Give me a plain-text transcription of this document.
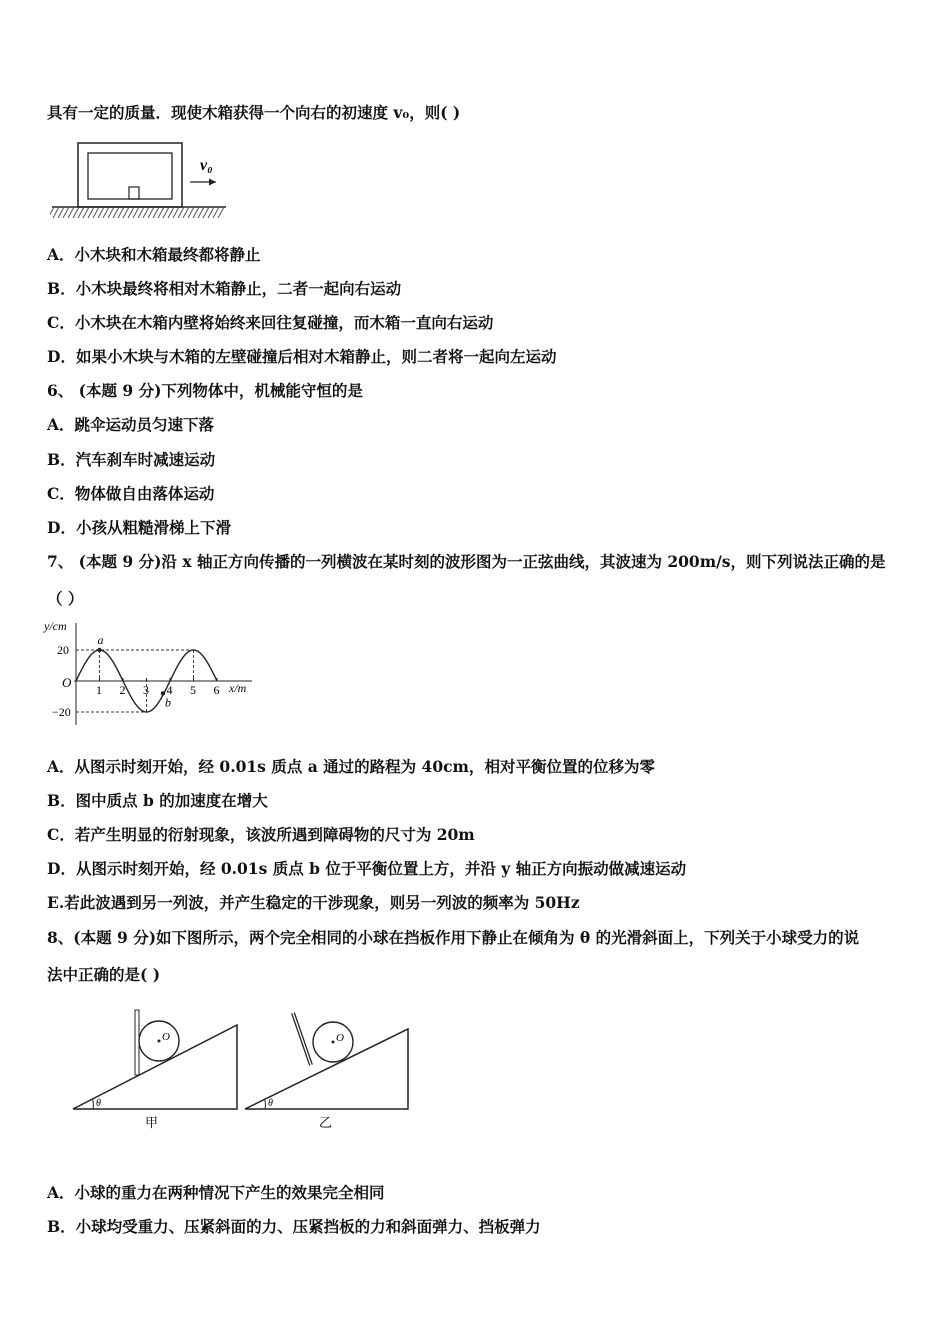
具有一定的质量．现使木箱获得一个向右的初速度 v₀，则( )
v₀
A．小木块和木箱最终都将静止
B．小木块最终将相对木箱静止，二者一起向右运动
C．小木块在木箱内壁将始终来回往复碰撞，而木箱一直向右运动
D．如果小木块与木箱的左壁碰撞后相对木箱静止，则二者将一起向左运动
6、 (本题 9 分)下列物体中，机械能守恒的是
A．跳伞运动员匀速下落
B．汽车刹车时减速运动
C．物体做自由落体运动
D．小孩从粗糙滑梯上下滑
7、 (本题 9 分)沿 x 轴正方向传播的一列横波在某时刻的波形图为一正弦曲线，其波速为 200m/s，则下列说法正确的是
（ ）
y/cm
x/m
O 1 2 3 4 5 6
20
−20
a
b
A．从图示时刻开始，经 0.01s 质点 a 通过的路程为 40cm，相对平衡位置的位移为零
B．图中质点 b 的加速度在增大
C．若产生明显的衍射现象，该波所遇到障碍物的尺寸为 20m
D．从图示时刻开始，经 0.01s 质点 b 位于平衡位置上方，并沿 y 轴正方向振动做减速运动
E.若此波遇到另一列波，并产生稳定的干涉现象，则另一列波的频率为 50Hz
8、(本题 9 分)如下图所示，两个完全相同的小球在挡板作用下静止在倾角为 θ 的光滑斜面上，下列关于小球受力的说
法中正确的是( )
θ
O
甲
θ
O
乙
A．小球的重力在两种情况下产生的效果完全相同
B．小球均受重力、压紧斜面的力、压紧挡板的力和斜面弹力、挡板弹力
